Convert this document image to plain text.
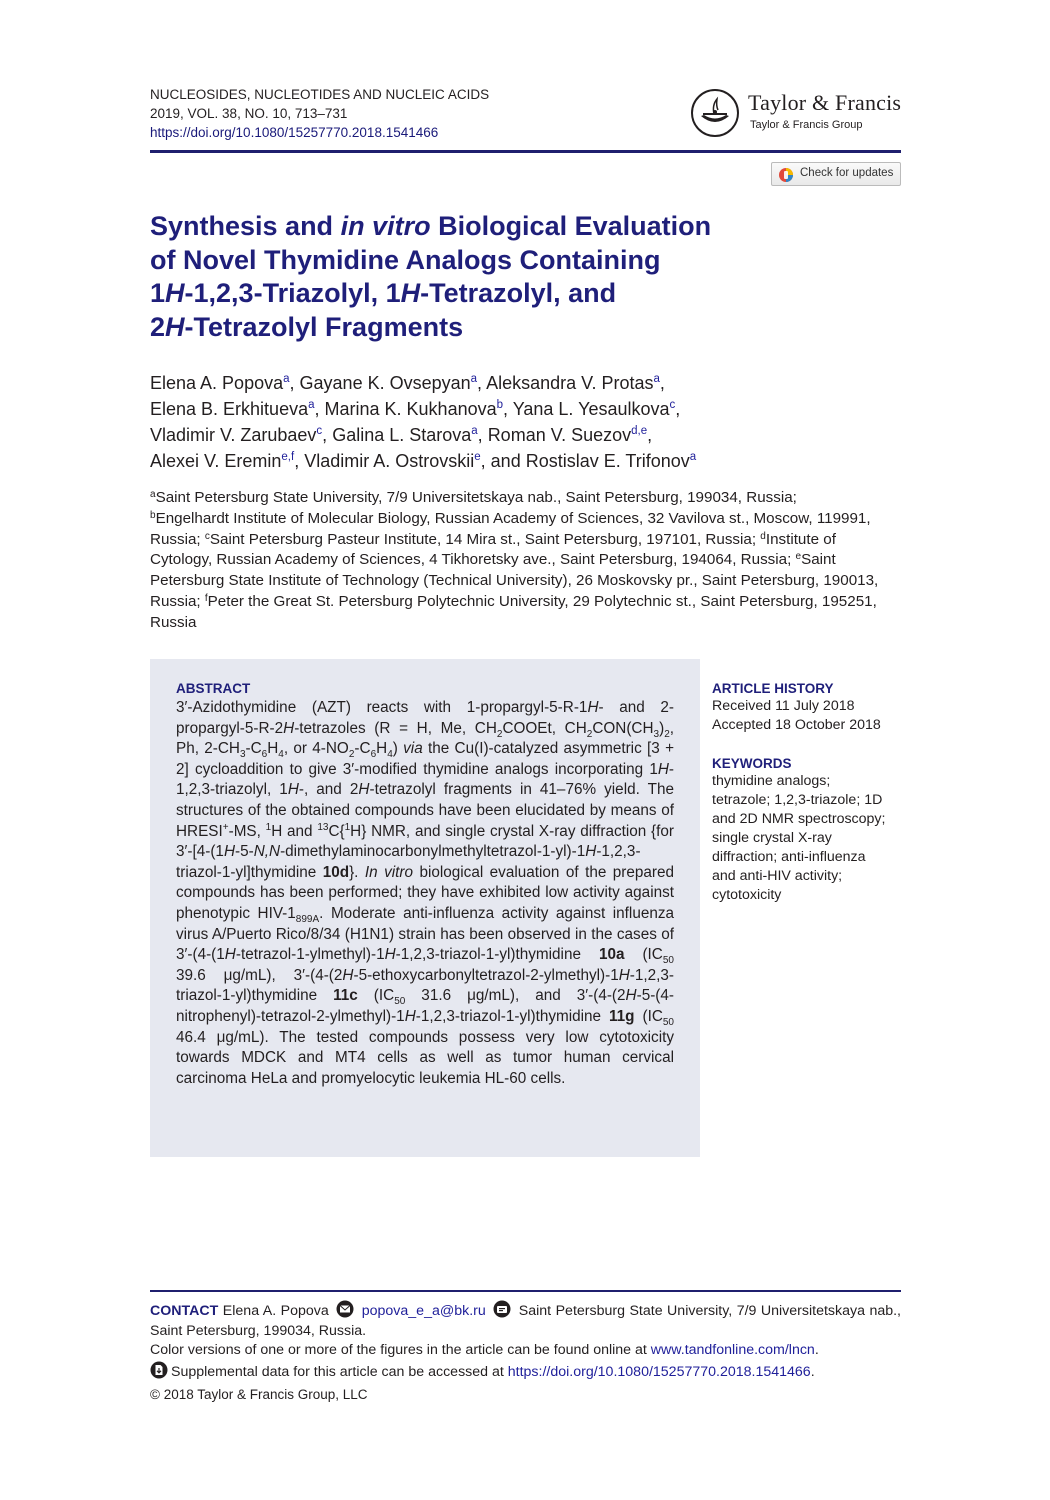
NUCLEOSIDES, NUCLEOTIDES AND NUCLEIC ACIDS
2019, VOL. 38, NO. 10, 713–731
https://doi.org/10.1080/15257770.2018.1541466
Taylor & Francis
Taylor & Francis Group
Check for updates
Synthesis and in vitro Biological Evaluation
of Novel Thymidine Analogs Containing
1H-1,2,3-Triazolyl, 1H-Tetrazolyl, and
2H-Tetrazolyl Fragments
Elena A. Popova$^a$, Gayane K. Ovsepyan$^a$, Aleksandra V. Protas$^a$,
Elena B. Erkhitueva$^a$, Marina K. Kukhanova$^b$, Yana L. Yesaulkova$^c$,
Vladimir V. Zarubaev$^c$, Galina L. Starova$^a$, Roman V. Suezov$^{d,e}$,
Alexei V. Eremin$^{e,f}$, Vladimir A. Ostrovskii$^e$, and Rostislav E. Trifonov$^a$
$^a$Saint Petersburg State University, 7/9 Universitetskaya nab., Saint Petersburg, 199034, Russia;
$^b$Engelhardt Institute of Molecular Biology, Russian Academy of Sciences, 32 Vavilova st., Moscow, 119991, Russia; $^c$Saint Petersburg Pasteur Institute, 14 Mira st., Saint Petersburg, 197101, Russia; $^d$Institute of Cytology, Russian Academy of Sciences, 4 Tikhoretsky ave., Saint Petersburg, 194064, Russia; $^e$Saint Petersburg State Institute of Technology (Technical University), 26 Moskovsky pr., Saint Petersburg, 190013, Russia; $^f$Peter the Great St. Petersburg Polytechnic University, 29 Polytechnic st., Saint Petersburg, 195251, Russia
ABSTRACT
3′-Azidothymidine (AZT) reacts with 1-propargyl-5-R-1H- and 2-propargyl-5-R-2H-tetrazoles (R = H, Me, $CH_2COOEt$, $CH_2CON(CH_3)_2$, Ph, $2-CH_3-C_6H_4$, or $4-NO_2-C_6H_4$) via the Cu(I)-catalyzed asymmetric [3 + 2] cycloaddition to give 3′-modified thymidine analogs incorporating 1H-1,2,3-triazolyl, 1H-, and 2H-tetrazolyl fragments in 41–76% yield. The structures of the obtained compounds have been elucidated by means of HRESI+-MS, $^1$H and $^{13}$C{$^1$H} NMR, and single crystal X-ray diffraction {for 3′-[4-(1H-5-N,N-dimethylaminocarbonylmethyltetrazol-1-yl)-1H-1,2,3-triazol-1-yl]thymidine 10d}. In vitro biological evaluation of the prepared compounds has been performed; they have exhibited low activity against phenotypic HIV-$1_{899A}$. Moderate anti-influenza activity against influenza virus A/Puerto Rico/8/34 (H1N1) strain has been observed in the cases of 3′-(4-(1H-tetrazol-1-ylmethyl)-1H-1,2,3-triazol-1-yl)thymidine 10a ($IC_{50}$ 39.6 μg/mL), 3′-(4-(2H-5-ethoxycarbonyltetrazol-2-ylmethyl)-1H-1,2,3-triazol-1-yl)thymidine 11c ($IC_{50}$ 31.6 μg/mL), and 3′-(4-(2H-5-(4-nitrophenyl)-tetrazol-2-ylmethyl)-1H-1,2,3-triazol-1-yl)thymidine 11g ($IC_{50}$ 46.4 μg/mL). The tested compounds possess very low cytotoxicity towards MDCK and MT4 cells as well as tumor human cervical carcinoma HeLa and promyelocytic leukemia HL-60 cells.
ARTICLE HISTORY
Received 11 July 2018
Accepted 18 October 2018
KEYWORDS
thymidine analogs;
tetrazole; 1,2,3-triazole; 1D
and 2D NMR spectroscopy;
single crystal X-ray
diffraction; anti-influenza
and anti-HIV activity;
cytotoxicity
CONTACT Elena A. Popova popova_e_a@bk.ru Saint Petersburg State University, 7/9 Universitetskaya nab., Saint Petersburg, 199034, Russia.
Color versions of one or more of the figures in the article can be found online at www.tandfonline.com/lncn.
Supplemental data for this article can be accessed at https://doi.org/10.1080/15257770.2018.1541466.
© 2018 Taylor & Francis Group, LLC
